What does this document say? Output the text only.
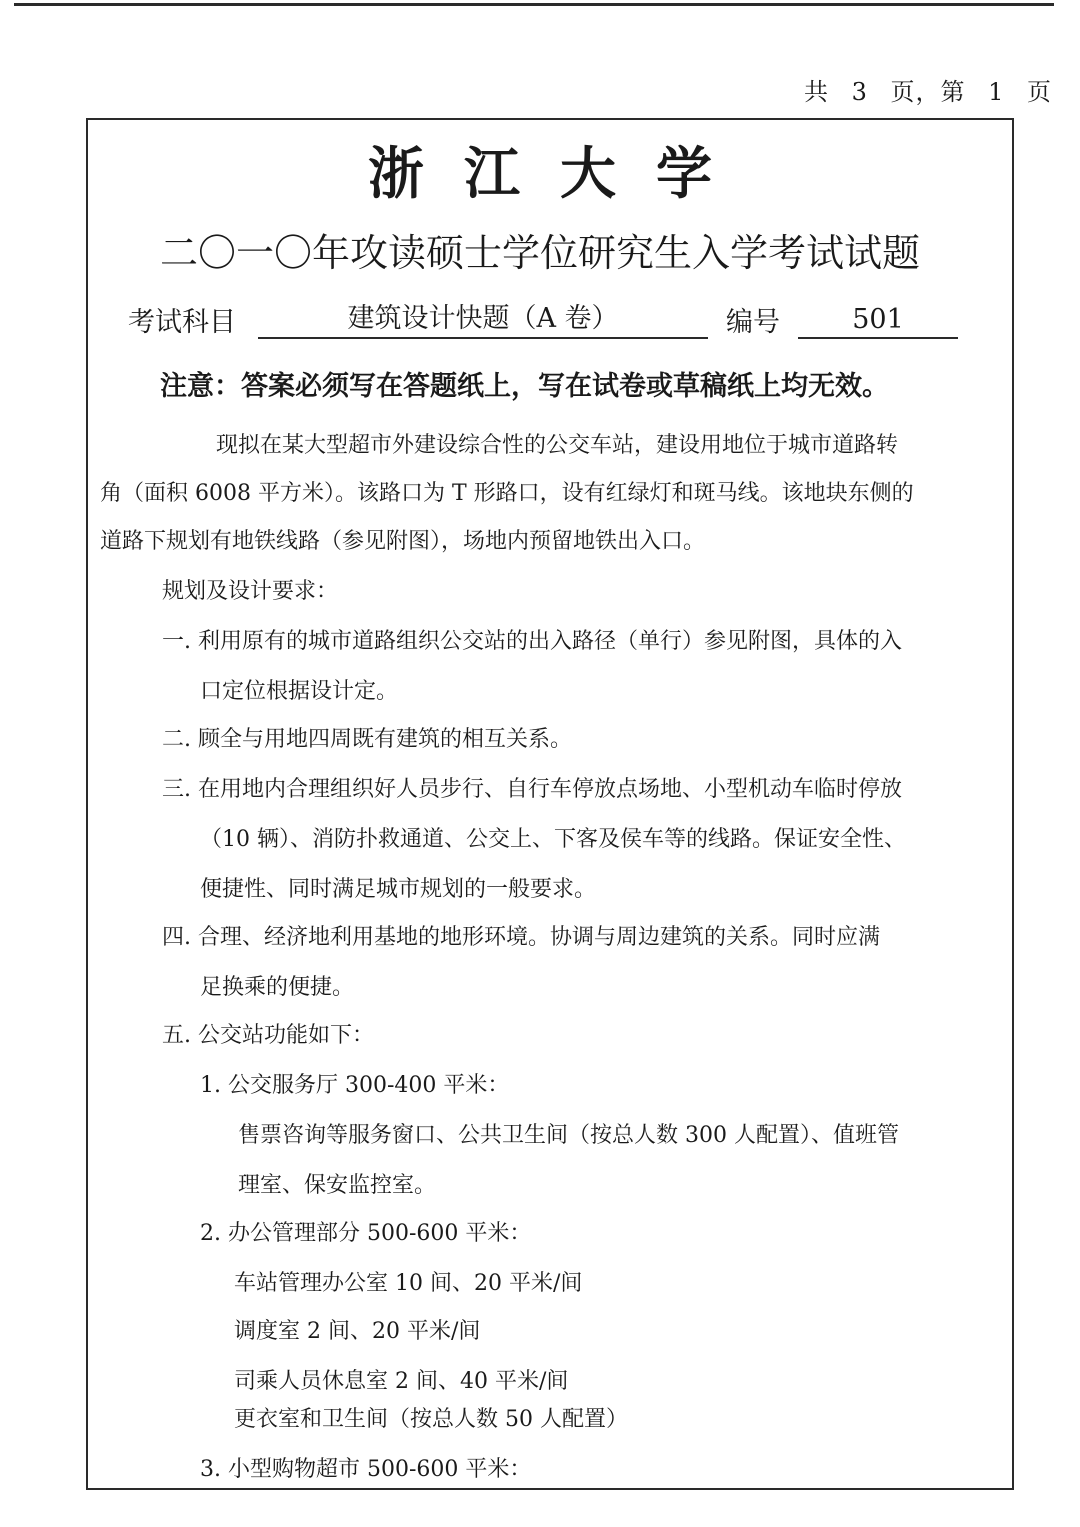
共 3 页，第 1 页
浙江大学
二〇一〇年攻读硕士学位研究生入学考试试题
考试科目	建筑设计快题（A 卷）	编号	501
注意：答案必须写在答题纸上，写在试卷或草稿纸上均无效。
现拟在某大型超市外建设综合性的公交车站，建设用地位于城市道路转
角（面积 6008 平方米）。该路口为 T 形路口，设有红绿灯和斑马线。该地块东侧的
道路下规划有地铁线路（参见附图），场地内预留地铁出入口。
规划及设计要求：
一. 利用原有的城市道路组织公交站的出入路径（单行）参见附图，具体的入
口定位根据设计定。
二. 顾全与用地四周既有建筑的相互关系。
三. 在用地内合理组织好人员步行、自行车停放点场地、小型机动车临时停放
（10 辆）、消防扑救通道、公交上、下客及侯车等的线路。保证安全性、
便捷性、同时满足城市规划的一般要求。
四. 合理、经济地利用基地的地形环境。协调与周边建筑的关系。同时应满
足换乘的便捷。
五. 公交站功能如下：
1. 公交服务厅 300-400 平米：
售票咨询等服务窗口、公共卫生间（按总人数 300 人配置）、值班管
理室、保安监控室。
2. 办公管理部分 500-600 平米：
车站管理办公室 10 间、20 平米/间
调度室 2 间、20 平米/间
司乘人员休息室 2 间、40 平米/间
更衣室和卫生间（按总人数 50 人配置）
3. 小型购物超市 500-600 平米：
